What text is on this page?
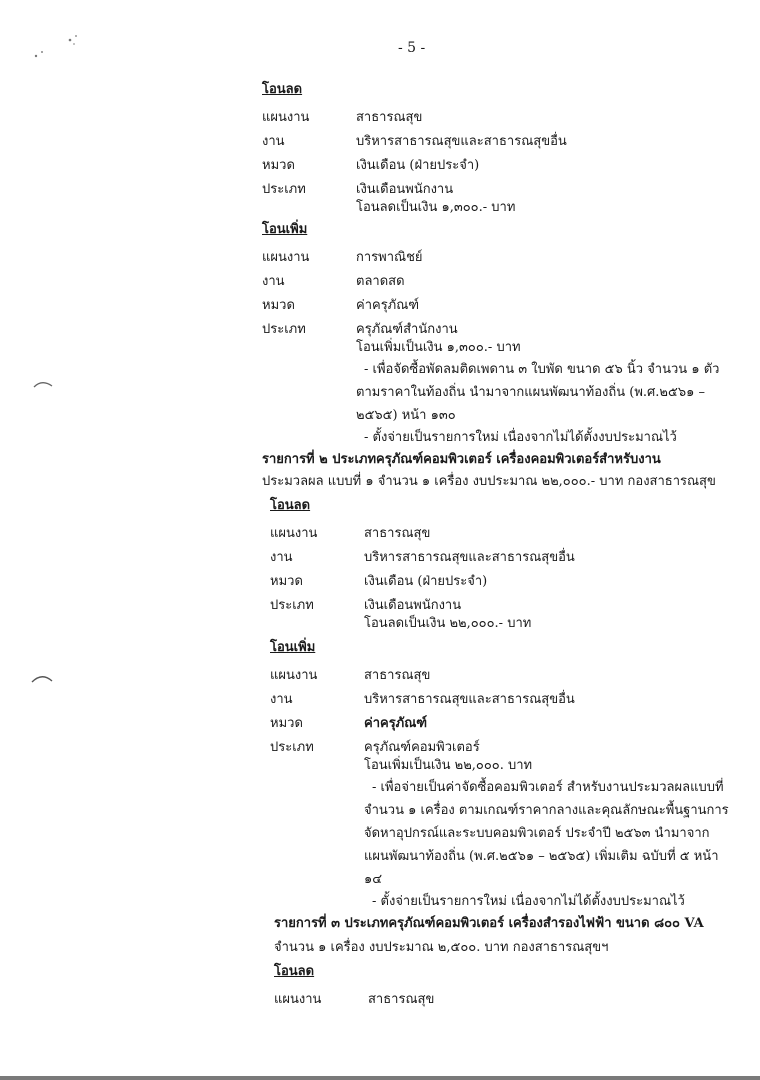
- 5 -
โอนลด
แผนงาน	สาธารณสุข
งาน	บริหารสาธารณสุขและสาธารณสุขอื่น
หมวด	เงินเดือน (ฝ่ายประจำ)
ประเภท	เงินเดือนพนักงาน
โอนลดเป็นเงิน ๑,๓๐๐.- บาท
โอนเพิ่ม
แผนงาน	การพาณิชย์
งาน	ตลาดสด
หมวด	ค่าครุภัณฑ์
ประเภท	ครุภัณฑ์สำนักงาน
โอนเพิ่มเป็นเงิน ๑,๓๐๐.- บาท
- เพื่อจัดซื้อพัดลมติดเพดาน ๓ ใบพัด ขนาด ๕๖ นิ้ว จำนวน ๑ ตัว
ตามราคาในท้องถิ่น นำมาจากแผนพัฒนาท้องถิ่น (พ.ศ.๒๕๖๑ –
๒๕๖๕) หน้า ๑๓๐
- ตั้งจ่ายเป็นรายการใหม่ เนื่องจากไม่ได้ตั้งงบประมาณไว้
รายการที่ ๒ ประเภทครุภัณฑ์คอมพิวเตอร์ เครื่องคอมพิวเตอร์สำหรับงาน
ประมวลผล แบบที่ ๑ จำนวน ๑ เครื่อง งบประมาณ ๒๒,๐๐๐.- บาท กองสาธารณสุข
โอนลด
แผนงาน	สาธารณสุข
งาน	บริหารสาธารณสุขและสาธารณสุขอื่น
หมวด	เงินเดือน (ฝ่ายประจำ)
ประเภท	เงินเดือนพนักงาน
โอนลดเป็นเงิน ๒๒,๐๐๐.- บาท
โอนเพิ่ม
แผนงาน	สาธารณสุข
งาน	บริหารสาธารณสุขและสาธารณสุขอื่น
หมวด	ค่าครุภัณฑ์
ประเภท	ครุภัณฑ์คอมพิวเตอร์
โอนเพิ่มเป็นเงิน ๒๒,๐๐๐. บาท
- เพื่อจ่ายเป็นค่าจัดซื้อคอมพิวเตอร์ สำหรับงานประมวลผลแบบที่
จำนวน ๑ เครื่อง ตามเกณฑ์ราคากลางและคุณลักษณะพื้นฐานการ
จัดหาอุปกรณ์และระบบคอมพิวเตอร์ ประจำปี ๒๕๖๓ นำมาจาก
แผนพัฒนาท้องถิ่น (พ.ศ.๒๕๖๑ – ๒๕๖๕) เพิ่มเติม ฉบับที่ ๕ หน้า
๑๔
- ตั้งจ่ายเป็นรายการใหม่ เนื่องจากไม่ได้ตั้งงบประมาณไว้
รายการที่ ๓ ประเภทครุภัณฑ์คอมพิวเตอร์ เครื่องสำรองไฟฟ้า ขนาด ๘๐๐ VA
จำนวน ๑ เครื่อง งบประมาณ ๒,๕๐๐. บาท กองสาธารณสุขฯ
โอนลด
แผนงาน	สาธารณสุข
